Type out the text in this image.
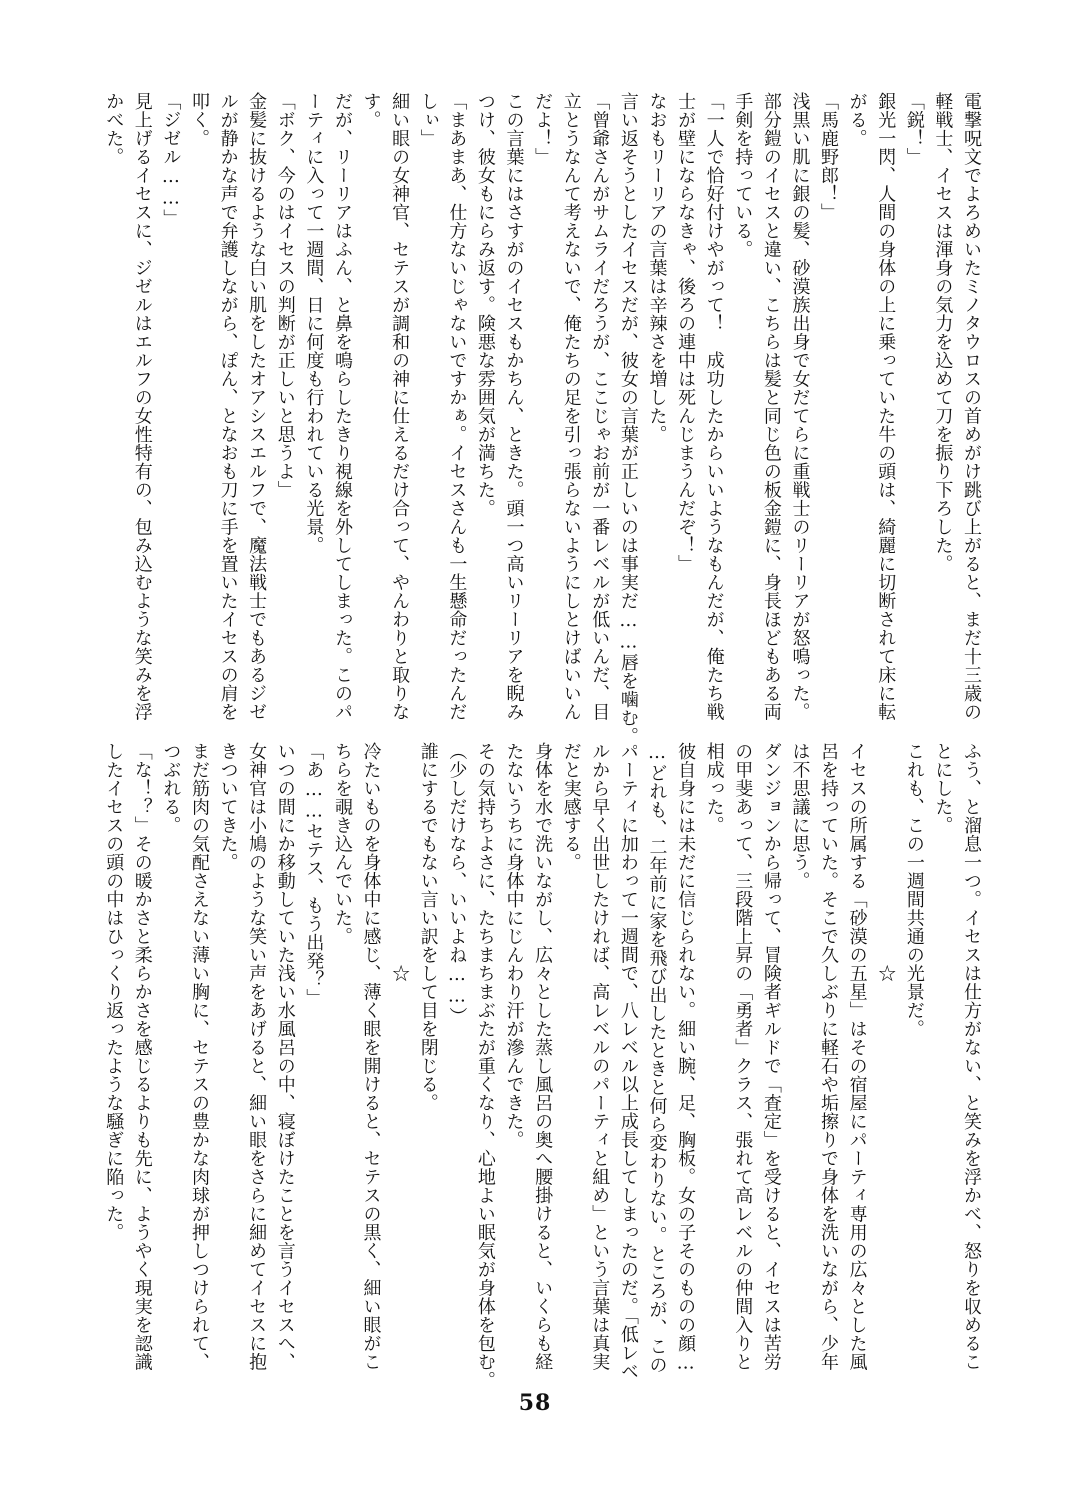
電撃呪文でよろめいたミノタウロスの首めがけ跳び上がると、まだ十三歳の
軽戦士、イセスは渾身の気力を込めて刀を振り下ろした。
「鋭！」
銀光一閃、人間の身体の上に乗っていた牛の頭は、綺麗に切断されて床に転
がる。
「馬鹿野郎！」
浅黒い肌に銀の髪、砂漠族出身で女だてらに重戦士のリーリアが怒鳴った。
部分鎧のイセスと違い、こちらは髪と同じ色の板金鎧に、身長ほどもある両
手剣を持っている。
「一人で恰好付けやがって！　成功したからいいようなもんだが、俺たち戦
士が壁にならなきゃ、後ろの連中は死んじまうんだぞ！」
なおもリーリアの言葉は辛辣さを増した。
言い返そうとしたイセスだが、彼女の言葉が正しいのは事実だ……唇を噛む。
「曾爺さんがサムライだろうが、ここじゃお前が一番レベルが低いんだ、目
立とうなんて考えないで、俺たちの足を引っ張らないようにしとけばいいん
だよ！」
この言葉にはさすがのイセスもかちん、ときた。頭一つ高いリーリアを睨み
つけ、彼女もにらみ返す。険悪な雰囲気が満ちた。
「まあまあ、仕方ないじゃないですかぁ。イセスさんも一生懸命だったんだ
しぃ」
細い眼の女神官、セテスが調和の神に仕えるだけ合って、やんわりと取りな
す。
だが、リーリアはふん、と鼻を鳴らしたきり視線を外してしまった。このパ
ーティに入って一週間、日に何度も行われている光景。
「ボク、今のはイセスの判断が正しいと思うよ」
金髪に抜けるような白い肌をしたオアシスエルフで、魔法戦士でもあるジゼ
ルが静かな声で弁護しながら、ぽん、となおも刀に手を置いたイセスの肩を
叩く。
「ジゼル……」
見上げるイセスに、ジゼルはエルフの女性特有の、包み込むような笑みを浮
かべた。
ふう、と溜息一つ。イセスは仕方がない、と笑みを浮かべ、怒りを収めるこ
とにした。
これも、この一週間共通の光景だ。
　　　　　　　　　　　　☆
イセスの所属する「砂漠の五星」はその宿屋にパーティ専用の広々とした風
呂を持っていた。そこで久しぶりに軽石や垢擦りで身体を洗いながら、少年
は不思議に思う。
ダンジョンから帰って、冒険者ギルドで「査定」を受けると、イセスは苦労
の甲斐あって、三段階上昇の「勇者」クラス、張れて高レベルの仲間入りと
相成った。
彼自身には未だに信じられない。細い腕、足、胸板。女の子そのものの顔…
…どれも、二年前に家を飛び出したときと何ら変わりない。ところが、この
パーティに加わって一週間で、八レベル以上成長してしまったのだ。「低レベ
ルから早く出世したければ、高レベルのパーティと組め」という言葉は真実
だと実感する。
身体を水で洗いながし、広々とした蒸し風呂の奥へ腰掛けると、いくらも経
たないうちに身体中にじんわり汗が滲んできた。
その気持ちよさに、たちまちまぶたが重くなり、心地よい眠気が身体を包む。
（少しだけなら、いいよね……）
誰にするでもない言い訳をして目を閉じる。
　　　　　　　　　　　　☆
冷たいものを身体中に感じ、薄く眼を開けると、セテスの黒く、細い眼がこ
ちらを覗き込んでいた。
「あ……セテス、もう出発？」
いつの間にか移動していた浅い水風呂の中、寝ぼけたことを言うイセスへ、
女神官は小鳩のような笑い声をあげると、細い眼をさらに細めてイセスに抱
きついてきた。
まだ筋肉の気配さえない薄い胸に、セテスの豊かな肉球が押しつけられて、
つぶれる。
「な！？」その暖かさと柔らかさを感じるよりも先に、ようやく現実を認識
したイセスの頭の中はひっくり返ったような騒ぎに陥った。
58
